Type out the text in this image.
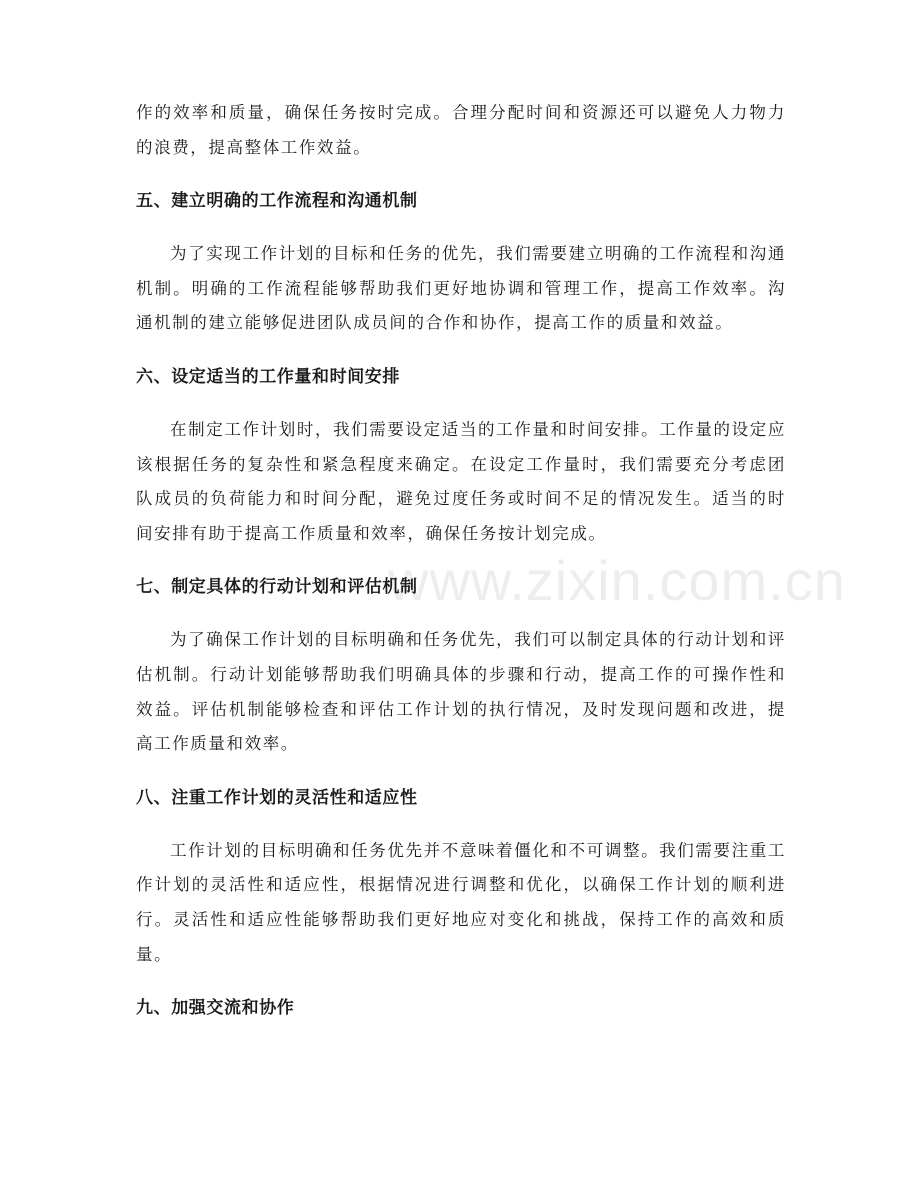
www.zixin.com.cn

作的效率和质量，确保任务按时完成。合理分配时间和资源还可以避免人力物力的浪费，提高整体工作效益。

五、建立明确的工作流程和沟通机制

为了实现工作计划的目标和任务的优先，我们需要建立明确的工作流程和沟通机制。明确的工作流程能够帮助我们更好地协调和管理工作，提高工作效率。沟通机制的建立能够促进团队成员间的合作和协作，提高工作的质量和效益。

六、设定适当的工作量和时间安排

在制定工作计划时，我们需要设定适当的工作量和时间安排。工作量的设定应该根据任务的复杂性和紧急程度来确定。在设定工作量时，我们需要充分考虑团队成员的负荷能力和时间分配，避免过度任务或时间不足的情况发生。适当的时间安排有助于提高工作质量和效率，确保任务按计划完成。

七、制定具体的行动计划和评估机制

为了确保工作计划的目标明确和任务优先，我们可以制定具体的行动计划和评估机制。行动计划能够帮助我们明确具体的步骤和行动，提高工作的可操作性和效益。评估机制能够检查和评估工作计划的执行情况，及时发现问题和改进，提高工作质量和效率。

八、注重工作计划的灵活性和适应性

工作计划的目标明确和任务优先并不意味着僵化和不可调整。我们需要注重工作计划的灵活性和适应性，根据情况进行调整和优化，以确保工作计划的顺利进行。灵活性和适应性能够帮助我们更好地应对变化和挑战，保持工作的高效和质量。

九、加强交流和协作
